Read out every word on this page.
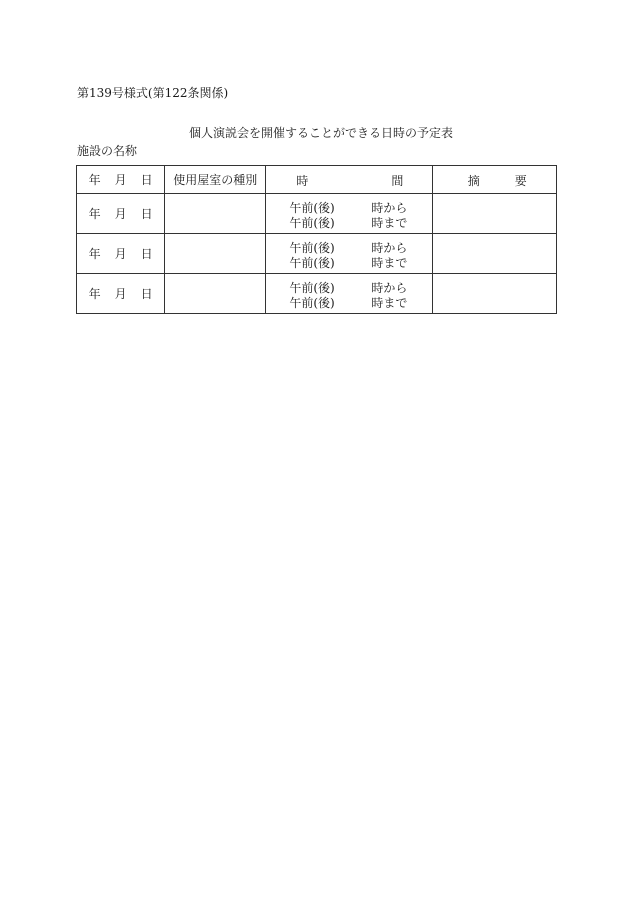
第139号様式(第122条関係)
個人演説会を開催することができる日時の予定表
施設の名称
年 月 日	使用屋室の種別	時 間	摘 要

年 月 日		午前(後) 時から
午前(後) 時まで	

年 月 日		午前(後) 時から
午前(後) 時まで	

年 月 日		午前(後) 時から
午前(後) 時まで	
